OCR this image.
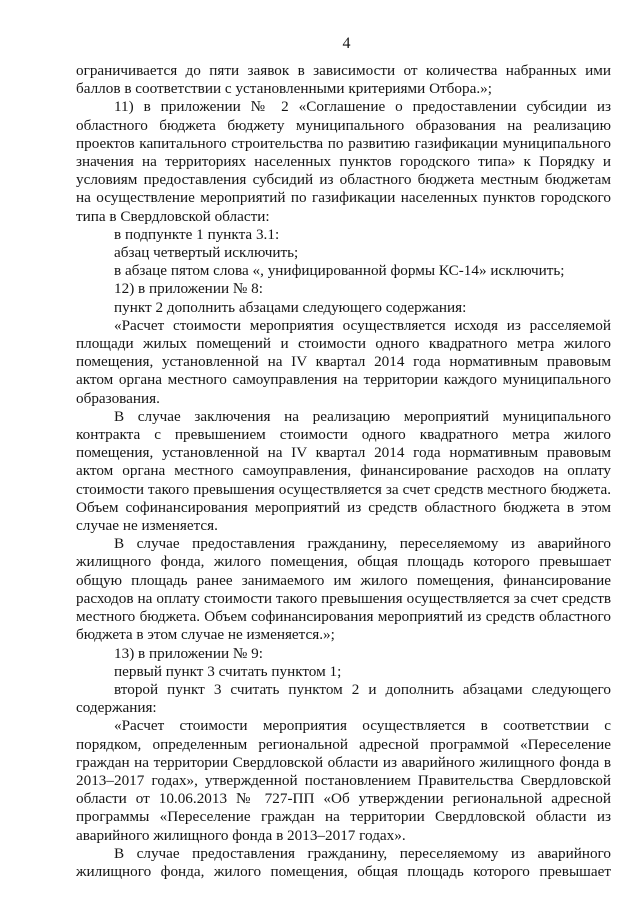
4

ограничивается до пяти заявок в зависимости от количества набранных ими баллов в соответствии с установленными критериями Отбора.»;

11) в приложении № 2 «Соглашение о предоставлении субсидии из областного бюджета бюджету муниципального образования на реализацию проектов капитального строительства по развитию газификации муниципального значения на территориях населенных пунктов городского типа» к Порядку и условиям предоставления субсидий из областного бюджета местным бюджетам на осуществление мероприятий по газификации населенных пунктов городского типа в Свердловской области:

в подпункте 1 пункта 3.1:

абзац четвертый исключить;

в абзаце пятом слова «, унифицированной формы КС-14» исключить;

12) в приложении № 8:

пункт 2 дополнить абзацами следующего содержания:

«Расчет стоимости мероприятия осуществляется исходя из расселяемой площади жилых помещений и стоимости одного квадратного метра жилого помещения, установленной на IV квартал 2014 года нормативным правовым актом органа местного самоуправления на территории каждого муниципального образования.

В случае заключения на реализацию мероприятий муниципального контракта с превышением стоимости одного квадратного метра жилого помещения, установленной на IV квартал 2014 года нормативным правовым актом органа местного самоуправления, финансирование расходов на оплату стоимости такого превышения осуществляется за счет средств местного бюджета. Объем софинансирования мероприятий из средств областного бюджета в этом случае не изменяется.

В случае предоставления гражданину, переселяемому из аварийного жилищного фонда, жилого помещения, общая площадь которого превышает общую площадь ранее занимаемого им жилого помещения, финансирование расходов на оплату стоимости такого превышения осуществляется за счет средств местного бюджета. Объем софинансирования мероприятий из средств областного бюджета в этом случае не изменяется.»;

13) в приложении № 9:

первый пункт 3 считать пунктом 1;

второй пункт 3 считать пунктом 2 и дополнить абзацами следующего содержания:

«Расчет стоимости мероприятия осуществляется в соответствии с порядком, определенным региональной адресной программой «Переселение граждан на территории Свердловской области из аварийного жилищного фонда в 2013–2017 годах», утвержденной постановлением Правительства Свердловской области от 10.06.2013 № 727-ПП «Об утверждении региональной адресной программы «Переселение граждан на территории Свердловской области из аварийного жилищного фонда в 2013–2017 годах».

В случае предоставления гражданину, переселяемому из аварийного жилищного фонда, жилого помещения, общая площадь которого превышает
